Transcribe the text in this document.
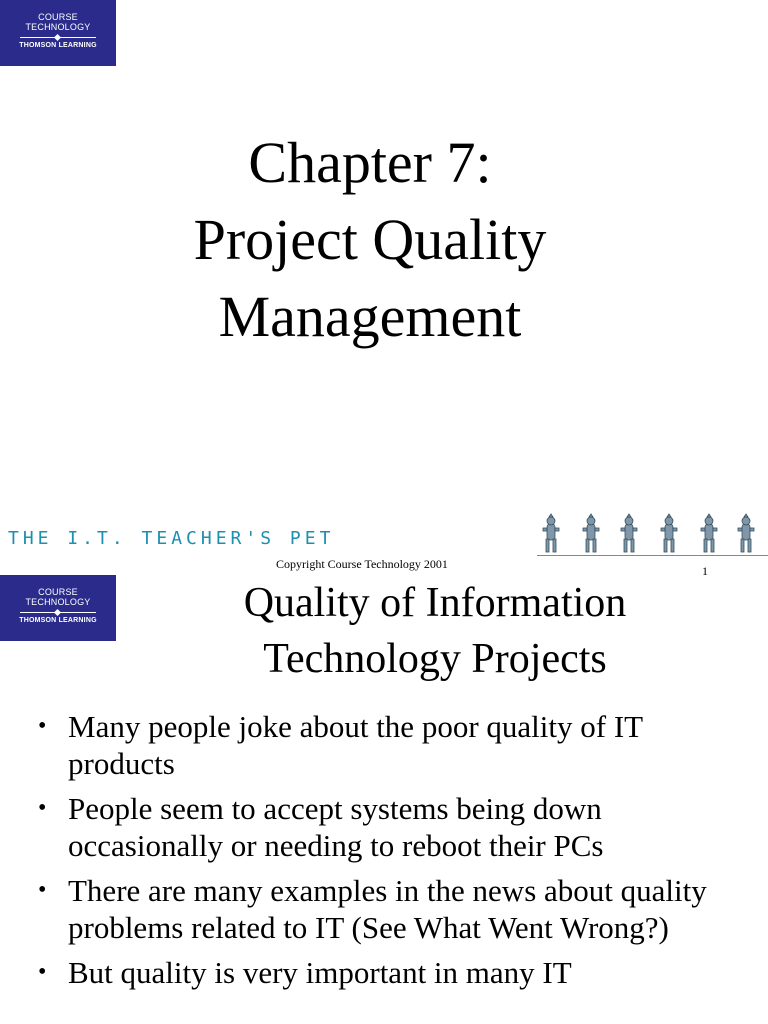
COURSE
TECHNOLOGY
THOMSON LEARNING
Chapter 7:
Project Quality
Management
THE I.T. TEACHER'S PET
Copyright Course Technology 2001	1
COURSE
TECHNOLOGY
THOMSON LEARNING	Quality of Information
Technology Projects
• Many people joke about the poor quality of IT products
• People seem to accept systems being down occasionally or needing to reboot their PCs
• There are many examples in the news about quality problems related to IT (See What Went Wrong?)
• But quality is very important in many IT
